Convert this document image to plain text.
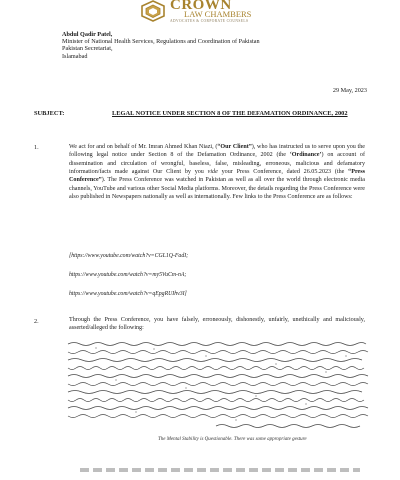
CROWN
LAW CHAMBERS
ADVOCATES & CORPORATE COUNSELS
Abdul Qadir Patel,
Minister of National Health Services, Regulations and Coordination of Pakistan
Pakistan Secretariat,
Islamabad
29 May, 2023
SUBJECT:	LEGAL NOTICE UNDER SECTION 8 OF THE DEFAMATION ORDINANCE, 2002
1.	We act for and on behalf of Mr. Imran Ahmed Khan Niazi, (“Our Client”), who has instructed us to serve upon you the following legal notice under Section 8 of the Defamation Ordinance, 2002 (the ‘Ordinance’) on account of dissemination and circulation of wrongful, baseless, false, misleading, erroneous, malicious and defamatory information/facts made against Our Client by you vide your Press Conference, dated 26.05.2023 (the “Press Conference”). The Press Conference was watched in Pakistan as well as all over the world through electronic media channels, YouTube and various other Social Media platforms. Moreover, the details regarding the Press Conference were also published in Newspapers nationally as well as internationally. Few links to the Press Conference are as follows:
[https://www.youtube.com/watch?v=CGL1Q-FadI;
https://www.youtube.com/watch?v=my5VuCm-nA;
https://www.youtube.com/watch?v=qEpgRUIhv3I]
2.	Through the Press Conference, you have falsely, erroneously, dishonestly, unfairly, unethically and maliciously, asserted/alleged the following:
The Mental Stability is Questionable. There was some appropriate gesture
